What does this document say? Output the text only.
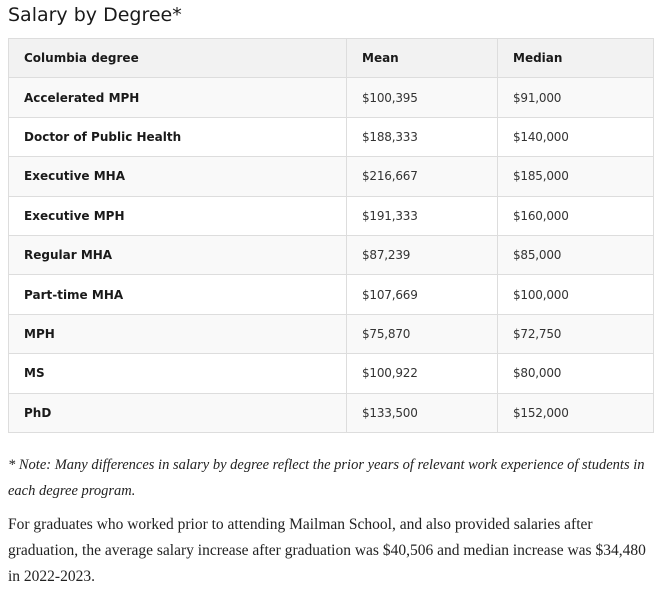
Salary by Degree*
Columbia degree	Mean	Median
Accelerated MPH	$100,395	$91,000
Doctor of Public Health	$188,333	$140,000
Executive MHA	$216,667	$185,000
Executive MPH	$191,333	$160,000
Regular MHA	$87,239	$85,000
Part-time MHA	$107,669	$100,000
MPH	$75,870	$72,750
MS	$100,922	$80,000
PhD	$133,500	$152,000

* Note: Many differences in salary by degree reflect the prior years of relevant work experience of students in each degree program.

For graduates who worked prior to attending Mailman School, and also provided salaries after graduation, the average salary increase after graduation was $40,506 and median increase was $34,480 in 2022-2023.
